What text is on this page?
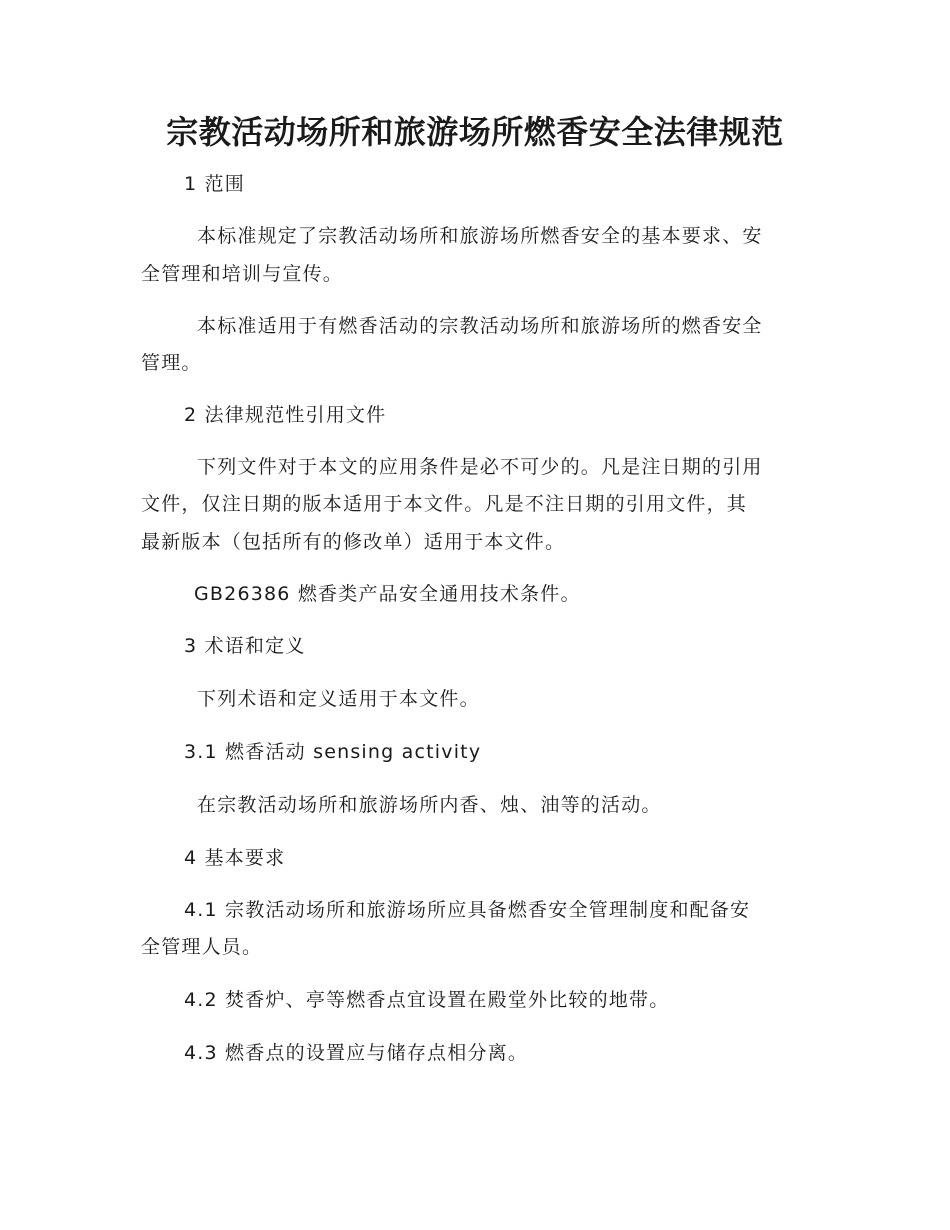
宗教活动场所和旅游场所燃香安全法律规范
1 范围
本标准规定了宗教活动场所和旅游场所燃香安全的基本要求、安
全管理和培训与宣传。
本标准适用于有燃香活动的宗教活动场所和旅游场所的燃香安全
管理。
2 法律规范性引用文件
下列文件对于本文的应用条件是必不可少的。凡是注日期的引用
文件，仅注日期的版本适用于本文件。凡是不注日期的引用文件，其
最新版本（包括所有的修改单）适用于本文件。
GB26386 燃香类产品安全通用技术条件。
3 术语和定义
下列术语和定义适用于本文件。
3.1 燃香活动 sensing activity
在宗教活动场所和旅游场所内香、烛、油等的活动。
4 基本要求
4.1 宗教活动场所和旅游场所应具备燃香安全管理制度和配备安
全管理人员。
4.2 焚香炉、亭等燃香点宜设置在殿堂外比较的地带。
4.3 燃香点的设置应与储存点相分离。
